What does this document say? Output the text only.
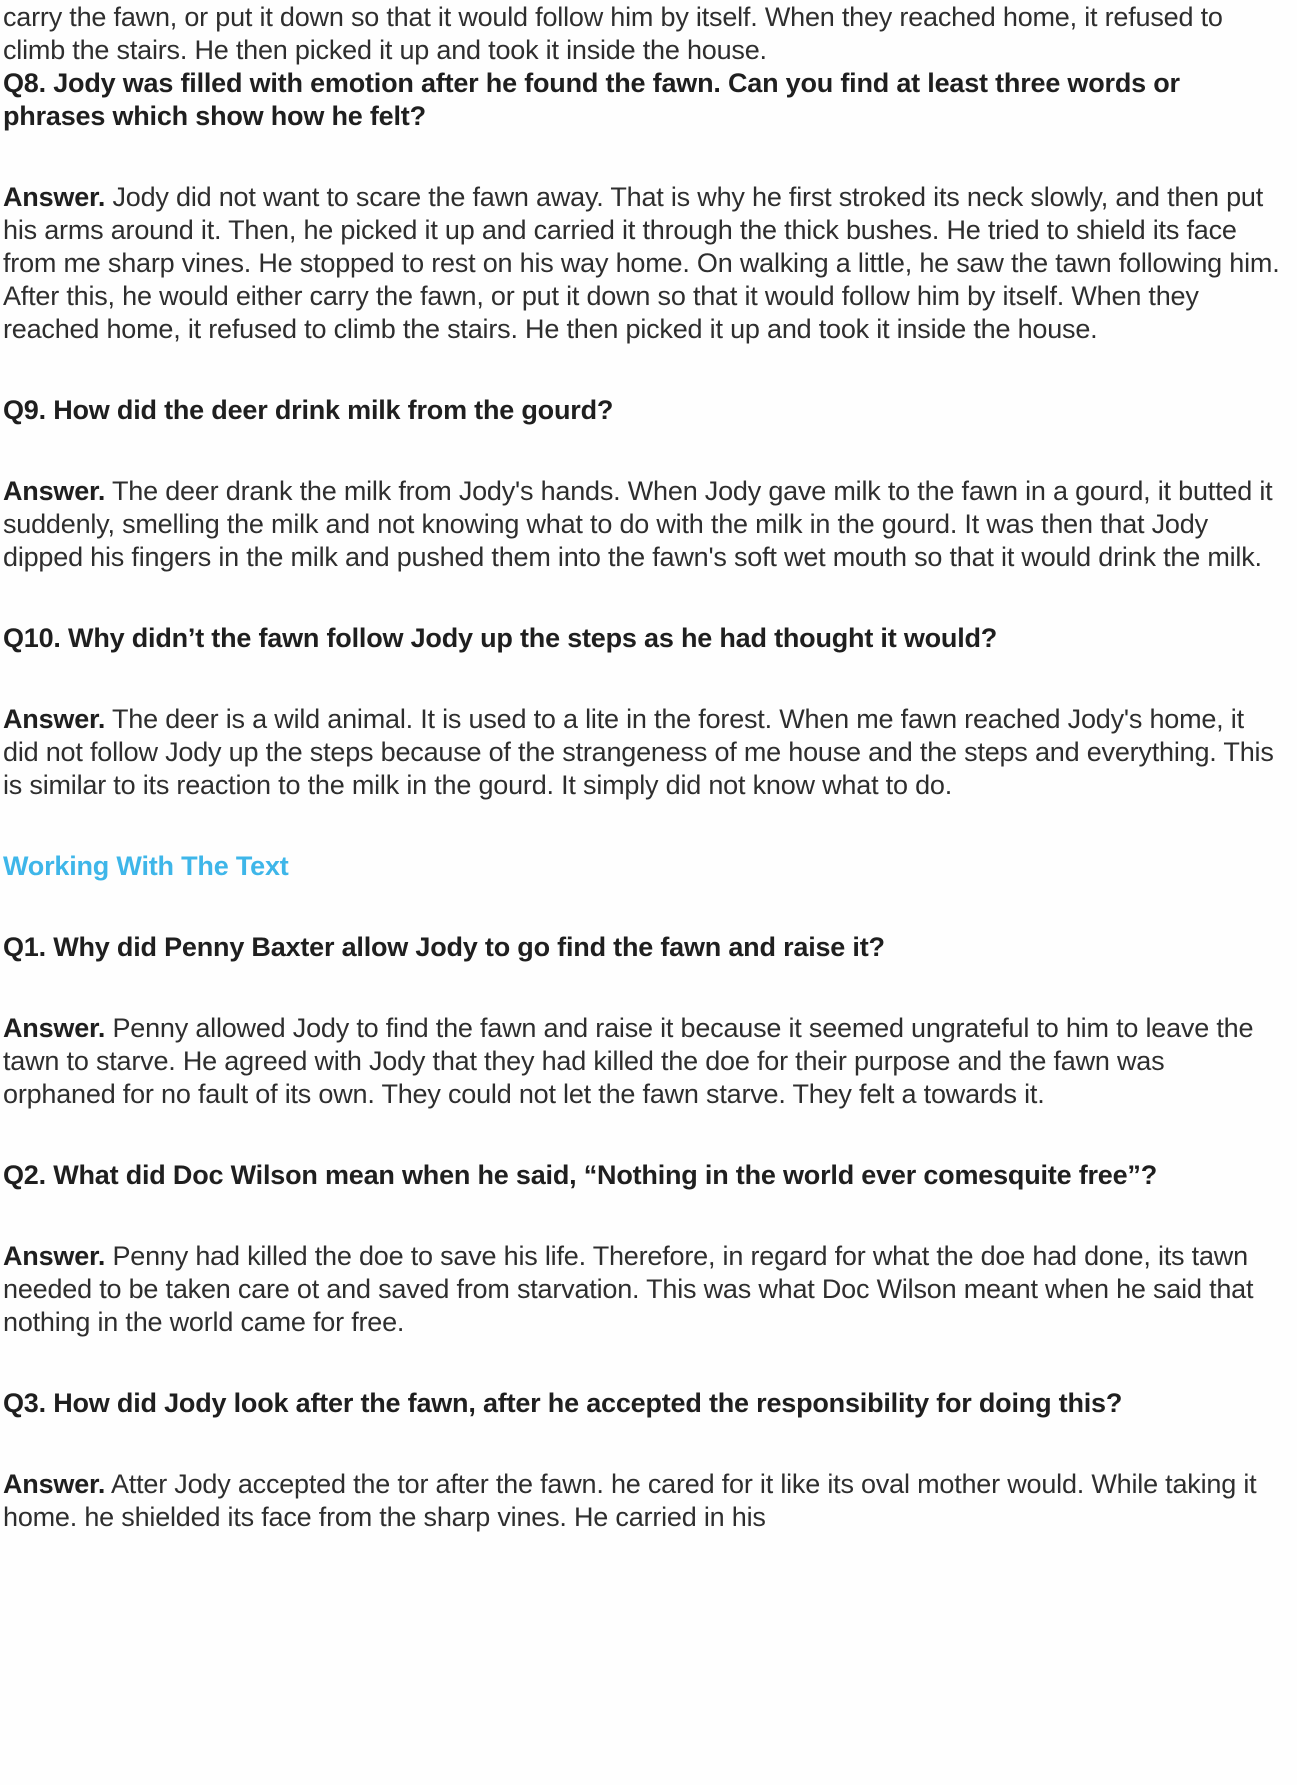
carry the fawn, or put it down so that it would follow him by itself. When they reached home, it refused to climb the stairs. He then picked it up and took it inside the house.

Q8. Jody was filled with emotion after he found the fawn. Can you find at least three words or phrases which show how he felt?

Answer. Jody did not want to scare the fawn away. That is why he first stroked its neck slowly, and then put his arms around it. Then, he picked it up and carried it through the thick bushes. He tried to shield its face from me sharp vines. He stopped to rest on his way home. On walking a little, he saw the tawn following him. After this, he would either carry the fawn, or put it down so that it would follow him by itself. When they reached home, it refused to climb the stairs. He then picked it up and took it inside the house.

Q9. How did the deer drink milk from the gourd?

Answer. The deer drank the milk from Jody's hands. When Jody gave milk to the fawn in a gourd, it butted it suddenly, smelling the milk and not knowing what to do with the milk in the gourd. It was then that Jody dipped his fingers in the milk and pushed them into the fawn's soft wet mouth so that it would drink the milk.

Q10. Why didn’t the fawn follow Jody up the steps as he had thought it would?

Answer. The deer is a wild animal. It is used to a lite in the forest. When me fawn reached Jody's home, it did not follow Jody up the steps because of the strangeness of me house and the steps and everything. This is similar to its reaction to the milk in the gourd. It simply did not know what to do.

Working With The Text

Q1. Why did Penny Baxter allow Jody to go find the fawn and raise it?

Answer. Penny allowed Jody to find the fawn and raise it because it seemed ungrateful to him to leave the tawn to starve. He agreed with Jody that they had killed the doe for their purpose and the fawn was orphaned for no fault of its own. They could not let the fawn starve. They felt a towards it.

Q2. What did Doc Wilson mean when he said, “Nothing in the world ever comesquite free”?

Answer. Penny had killed the doe to save his life. Therefore, in regard for what the doe had done, its tawn needed to be taken care ot and saved from starvation. This was what Doc Wilson meant when he said that nothing in the world came for free.

Q3. How did Jody look after the fawn, after he accepted the responsibility for doing this?

Answer. Atter Jody accepted the tor after the fawn. he cared for it like its oval mother would. While taking it home. he shielded its face from the sharp vines. He carried in his
